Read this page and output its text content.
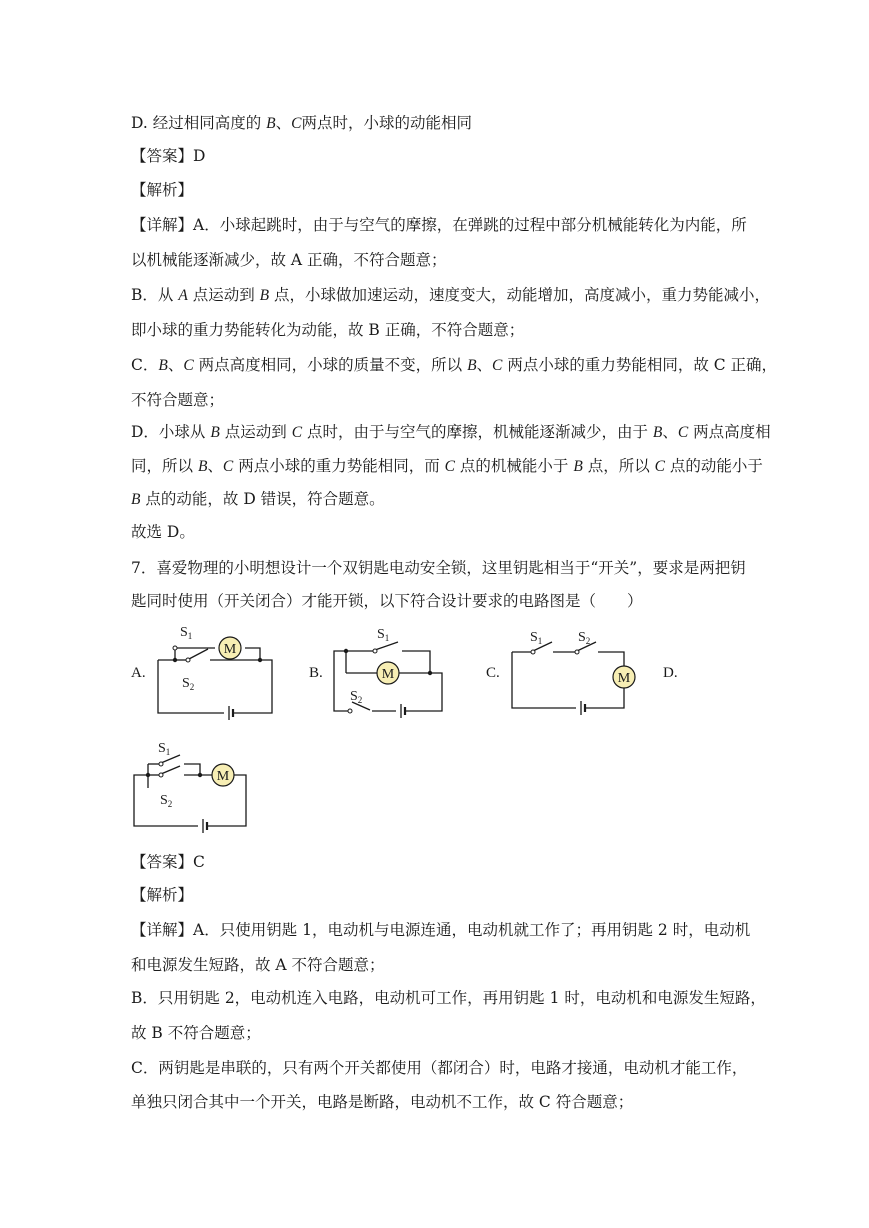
D. 经过相同高度的 B、C两点时，小球的动能相同
【答案】D
【解析】
【详解】A．小球起跳时，由于与空气的摩擦，在弹跳的过程中部分机械能转化为内能，所
以机械能逐渐减少，故 A 正确，不符合题意；
B．从 A 点运动到 B 点，小球做加速运动，速度变大，动能增加，高度减小，重力势能减小，
即小球的重力势能转化为动能，故 B 正确，不符合题意；
C．B、C 两点高度相同，小球的质量不变，所以 B、C 两点小球的重力势能相同，故 C 正确，
不符合题意；
D．小球从 B 点运动到 C 点时，由于与空气的摩擦，机械能逐渐减少，由于 B、C 两点高度相
同，所以 B、C 两点小球的重力势能相同，而 C 点的机械能小于 B 点，所以 C 点的动能小于
B 点的动能，故 D 错误，符合题意。
故选 D。
7．喜爱物理的小明想设计一个双钥匙电动安全锁，这里钥匙相当于“开关”，要求是两把钥
匙同时使用（开关闭合）才能开锁，以下符合设计要求的电路图是（　　）
【答案】C
【解析】
【详解】A．只使用钥匙 1，电动机与电源连通，电动机就工作了；再用钥匙 2 时，电动机
和电源发生短路，故 A 不符合题意；
B．只用钥匙 2，电动机连入电路，电动机可工作，再用钥匙 1 时，电动机和电源发生短路，
故 B 不符合题意；
C．两钥匙是串联的，只有两个开关都使用（都闭合）时，电路才接通，电动机才能工作，
单独只闭合其中一个开关，电路是断路，电动机不工作，故 C 符合题意；
A.	B.	C.	D.
M
$S_1$
$S_2$
M
$S_1$
$S_2$
M
$S_1$	$S_2$
M
$S_1$
$S_2$
